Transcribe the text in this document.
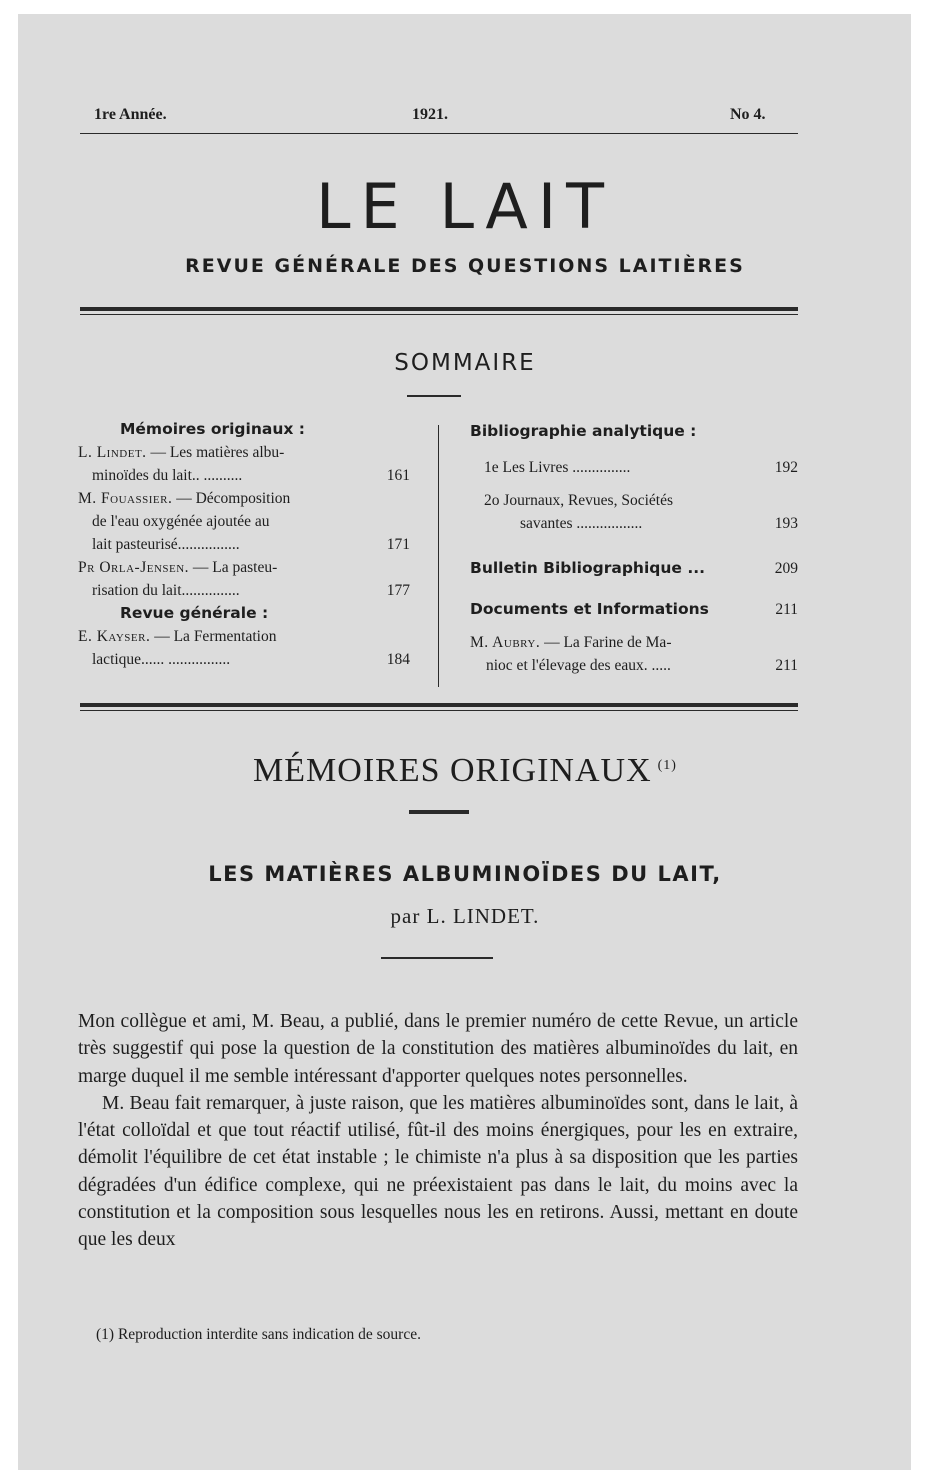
1re Année.	1921.	No 4.
LE LAIT
REVUE GÉNÉRALE DES QUESTIONS LAITIÈRES
SOMMAIRE
Mémoires originaux :
L. Lindet. — Les matières albu-
minoïdes du lait.. ..........	161
M. Fouassier. — Décomposition
de l'eau oxygénée ajoutée au
lait pasteurisé................	171
Pr Orla-Jensen. — La pasteu-
risation du lait...............	177
Revue générale :
E. Kayser. — La Fermentation
lactique...... ................	184
Bibliographie analytique :
1e Les Livres ...............	192
2o Journaux, Revues, Sociétés
savantes .................	193
Bulletin Bibliographique ...	209
Documents et Informations	211
M. Aubry. — La Farine de Ma-
nioc et l'élevage des eaux. .....	211
MÉMOIRES ORIGINAUX $^{(1)}$
LES MATIÈRES ALBUMINOÏDES DU LAIT,
par L. LINDET.

Mon collègue et ami, M. Beau, a publié, dans le premier numéro de cette Revue, un article très suggestif qui pose la question de la constitution des matières albuminoïdes du lait, en marge duquel il me semble intéressant d'apporter quelques notes personnelles.

M. Beau fait remarquer, à juste raison, que les matières albuminoïdes sont, dans le lait, à l'état colloïdal et que tout réactif utilisé, fût-il des moins énergiques, pour les en extraire, démolit l'équilibre de cet état instable ; le chimiste n'a plus à sa disposition que les parties dégradées d'un édifice complexe, qui ne préexistaient pas dans le lait, du moins avec la constitution et la composition sous lesquelles nous les en retirons. Aussi, mettant en doute que les deux

(1) Reproduction interdite sans indication de source.
